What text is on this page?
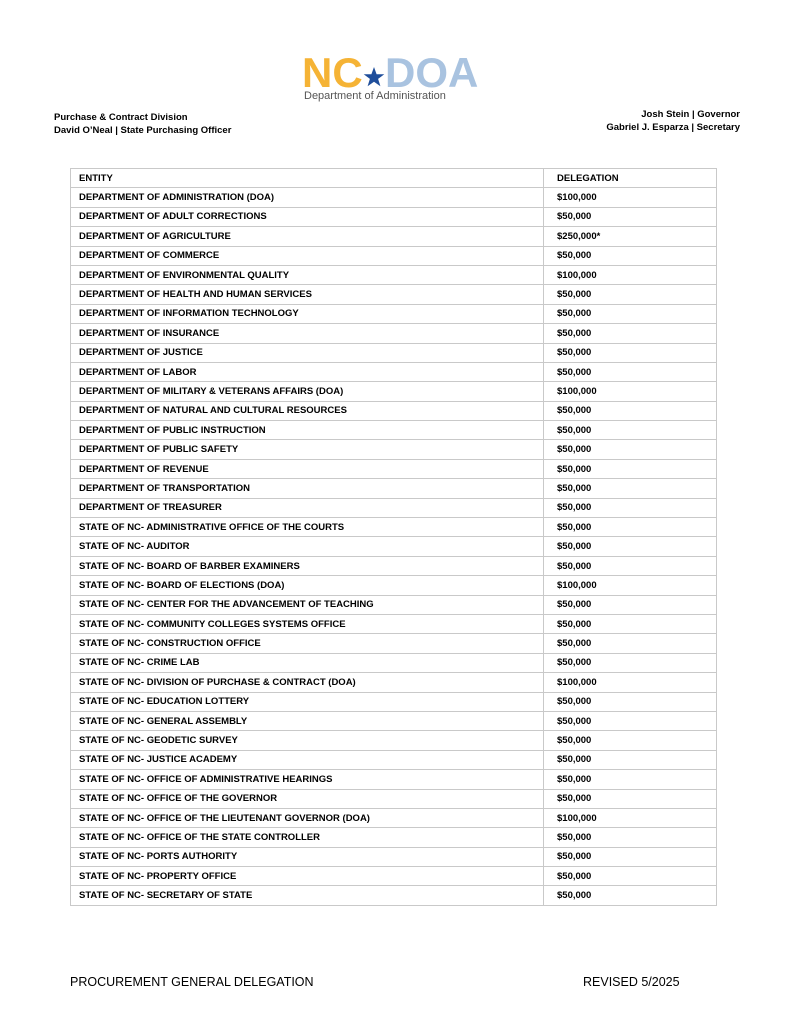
NC DOA
Department of Administration
Purchase & Contract Division
David O’Neal | State Purchasing Officer
Josh Stein | Governor
Gabriel J. Esparza | Secretary
ENTITY	DELEGATION
DEPARTMENT OF ADMINISTRATION (DOA)	$100,000
DEPARTMENT OF ADULT CORRECTIONS	$50,000
DEPARTMENT OF AGRICULTURE	$250,000*
DEPARTMENT OF COMMERCE	$50,000
DEPARTMENT OF ENVIRONMENTAL QUALITY	$100,000
DEPARTMENT OF HEALTH AND HUMAN SERVICES	$50,000
DEPARTMENT OF INFORMATION TECHNOLOGY	$50,000
DEPARTMENT OF INSURANCE	$50,000
DEPARTMENT OF JUSTICE	$50,000
DEPARTMENT OF LABOR	$50,000
DEPARTMENT OF MILITARY & VETERANS AFFAIRS (DOA)	$100,000
DEPARTMENT OF NATURAL AND CULTURAL RESOURCES	$50,000
DEPARTMENT OF PUBLIC INSTRUCTION	$50,000
DEPARTMENT OF PUBLIC SAFETY	$50,000
DEPARTMENT OF REVENUE	$50,000
DEPARTMENT OF TRANSPORTATION	$50,000
DEPARTMENT OF TREASURER	$50,000
STATE OF NC- ADMINISTRATIVE OFFICE OF THE COURTS	$50,000
STATE OF NC- AUDITOR	$50,000
STATE OF NC- BOARD OF BARBER EXAMINERS	$50,000
STATE OF NC- BOARD OF ELECTIONS (DOA)	$100,000
STATE OF NC- CENTER FOR THE ADVANCEMENT OF TEACHING	$50,000
STATE OF NC- COMMUNITY COLLEGES SYSTEMS OFFICE	$50,000
STATE OF NC- CONSTRUCTION OFFICE	$50,000
STATE OF NC- CRIME LAB	$50,000
STATE OF NC- DIVISION OF PURCHASE & CONTRACT (DOA)	$100,000
STATE OF NC- EDUCATION LOTTERY	$50,000
STATE OF NC- GENERAL ASSEMBLY	$50,000
STATE OF NC- GEODETIC SURVEY	$50,000
STATE OF NC- JUSTICE ACADEMY	$50,000
STATE OF NC- OFFICE OF ADMINISTRATIVE HEARINGS	$50,000
STATE OF NC- OFFICE OF THE GOVERNOR	$50,000
STATE OF NC- OFFICE OF THE LIEUTENANT GOVERNOR (DOA)	$100,000
STATE OF NC- OFFICE OF THE STATE CONTROLLER	$50,000
STATE OF NC- PORTS AUTHORITY	$50,000
STATE OF NC- PROPERTY OFFICE	$50,000
STATE OF NC- SECRETARY OF STATE	$50,000
PROCUREMENT GENERAL DELEGATION	REVISED 5/2025
